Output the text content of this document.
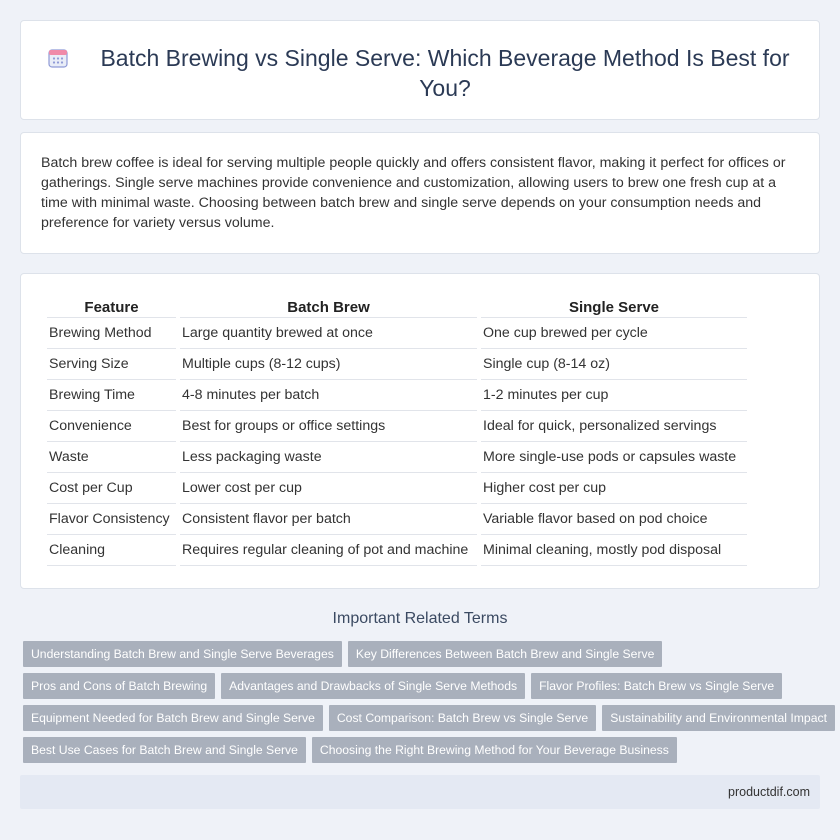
Batch Brewing vs Single Serve: Which Beverage Method Is Best for You?

Batch brew coffee is ideal for serving multiple people quickly and offers consistent flavor, making it perfect for offices or gatherings. Single serve machines provide convenience and customization, allowing users to brew one fresh cup at a time with minimal waste. Choosing between batch brew and single serve depends on your consumption needs and preference for variety versus volume.

Feature	Batch Brew	Single Serve
Brewing Method	Large quantity brewed at once	One cup brewed per cycle
Serving Size	Multiple cups (8-12 cups)	Single cup (8-14 oz)
Brewing Time	4-8 minutes per batch	1-2 minutes per cup
Convenience	Best for groups or office settings	Ideal for quick, personalized servings
Waste	Less packaging waste	More single-use pods or capsules waste
Cost per Cup	Lower cost per cup	Higher cost per cup
Flavor Consistency	Consistent flavor per batch	Variable flavor based on pod choice
Cleaning	Requires regular cleaning of pot and machine	Minimal cleaning, mostly pod disposal
Important Related Terms
Understanding Batch Brew and Single Serve Beverages	Key Differences Between Batch Brew and Single Serve
Pros and Cons of Batch Brewing	Advantages and Drawbacks of Single Serve Methods	Flavor Profiles: Batch Brew vs Single Serve
Equipment Needed for Batch Brew and Single Serve	Cost Comparison: Batch Brew vs Single Serve	Sustainability and Environmental Impact
Best Use Cases for Batch Brew and Single Serve	Choosing the Right Brewing Method for Your Beverage Business
productdif.com
